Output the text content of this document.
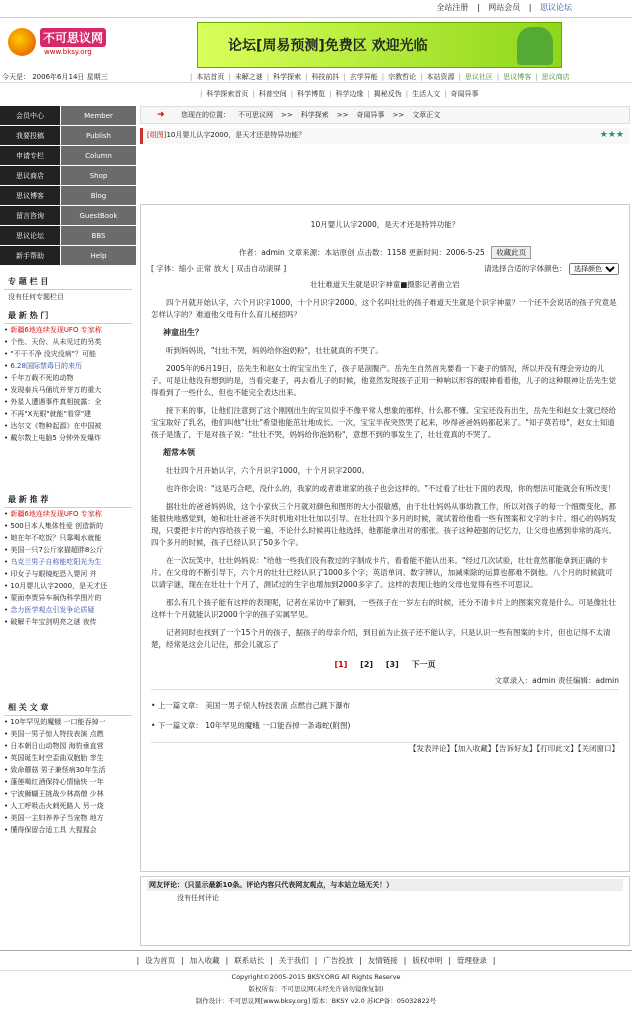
全站注册 | 网站会员 | 思议论坛
不可思议网
www.bksy.org	论坛[周易预测]免费区 欢迎光临
今天是： 2006年6月14日 星期三	| 本站首页 | 未解之谜 | 科学探索 | 科技前抖 | 玄学异能 | 宗教哲论 | 本站资源 | 思议社区 | 思议博客 | 思议商店
| 科学探索首页 | 科普空间 | 科学博览 | 科学边缘 | 揭秘反伪 | 生活人文 | 奇闻异事
会员中心	Member
我要投稿	Publish
申请专栏	Column
思议商店	Shop
思议博客	Blog
留言咨询	GuestBook
思议论坛	BBS
新手帮助	Help
专 题 栏 目
没有任何专题栏目
最 新 热 门
• 新疆6地连续发现UFO 专家称
• 个性、天份、从未见过的另类
• "不干不净 没灾没病"？可能
• 6.28国际禁毒日的来历
• 千年万载不死的动物
• 发现泰兵马俑坑并芽万的重大
• 外星人遭遇事件真相披露：全
• 不再"X光眼"就能"看穿"建
• 达尔文《物种起源》在中国被
• 戴尔数上电脑5 分钟外发爆炸
最 新 推 荐
• 新疆6地连续发现UFO 专家称
• 500日本人集体性爱 创造新的
• 她在年不吃饭？只靠喝水就能
• 美国一只7公斤家猫超胖8公斤
• 乌克兰男子自称能吃阳光为生
• 印女子与眼镜蛇恐入婴河 并
• 10月婴儿认字2000，是天才还
• 蒙面李贾异车祸伪科学图片的
• 念力医学观点引发争论质疑
• 破解千年宝剑明亮之谜 夜传
相 关 文 章
• 10年罕见的魔蛾 一口能吞掉一
• 美国一男子惊人特技表演 点燃
• 日本朝日山动物园 海豹垂直营
• 英国诞生时空歪曲双胞胎 孪生
• 致命蘑菇 男子兼怪病30年生活
• 蓬莲喝红酒保持心情愉快 一年
• 宁波狮蝴王挑战少林高僧 少林
• 人工呼吸击火刺死路人 另一烧
• 美国一主妇养养子当宠物 地方
• 懂得保留合适工具 大猩猩会
➜ 您现在的位置： 不可思议网 >> 科学探索 >> 奇闻异事 >> 文章正文
[组图]10月婴儿认字2000，是天才还是特异功能？	★★★
10月婴儿认字2000，是天才还是特异功能？
作者：admin 文章来源：本站原创 点击数：1158 更新时间：2006-5-25 收藏此页
[ 字体：缩小 正常 放大 | 双击自动滚屏 ]	请选择合适的字体颜色：
选择颜色
壮壮难道天生就是识字神童■摄影记者曲立岩

四个月就开始认字，六个月识字1000，十个月识字2000。这个名叫壮壮的孩子难道天生就是个识字神童？一个还不会说话的孩子究竟是怎样认字的？难道他父母有什么育儿秘招吗？

神童出生？

听到妈妈说，"壮壮不哭，妈妈给你泡奶粉"，壮壮就真的不哭了。

2005年的6月19日，岳先生和赵女士的宝宝出生了，孩子是剖腹产。岳先生自然首先要看一下妻子的情况，所以并没有理会旁边的儿子。可是让他没有想到的是，当看完妻子，再去看儿子的时候，他竟然发现孩子正用一种响以形容的眼神看着他，儿子的这种眼神让岳先生觉得看到了一些什么，但也不能完全表达出来。

接下来的事，让他们注意到了这个刚刚出生的宝贝似乎不像平常人想象的那样，什么都不懂。宝宝还没有出生，岳先生和赵女士就已经给宝宝取好了乳名，他们叫他"壮壮"希望他能茁壮地成长。一次，宝宝半夜突然哭了起来，吵得爸爸妈妈都起来了。"知子莫若母"，赵女士知道孩子是饿了，于是对孩子说："壮壮不哭，妈妈给你泡奶粉"，意想不到的事发生了，壮壮竟真的不哭了。

超常本领

壮壮四个月开始认字，六个月识字1000，十个月识字2000。

也许你会说："这是巧合吧，没什么的，我家的或者谁谁家的孩子也会这样的。"不过看了壮壮下面的表现，你的想法可能就会有所改变！

据壮壮的爸爸妈妈说，这个小家伙三个月就对颜色和图形的大小很敏感，由于壮壮妈妈从事幼教工作，所以对孩子的每一个细微变化，都能很快地感觉到，她和壮壮爸爸不失时机地对壮壮加以引导。在壮壮四个多月的时候，就试着给他看一些有图案和文字的卡片。细心的妈妈发现，只要把卡片的内容给孩子说一遍，不论什么时候再让他选择，他都能拿出对的那张。孩子这种超强的记忆力，让父母也感到非常的高兴。四个多月的时候，孩子已经认识了50多个字。

在一次玩笑中，壮壮妈妈说："给他一些我们没有教过的字制成卡片，看看能不能认出来。"经过几次试验，壮壮竟然都能拿到正确的卡片。在父母的不断引导下，六个月的壮壮已经认识了1000多个字；英语单词、数字辨认，加减乘除的运算也都难不倒他。八个月的时候就可以请字谜，现在在壮壮十个月了，测试过的生字也增加到2000多字了。这样的表现让他的父母也觉得有些不可思议。

那么有几个孩子能有这样的表现呢，记者在采访中了解到，一些孩子在一岁左右的时候，还分不清卡片上的图案究竟是什么。可是像壮壮这样十个月就能认识2000个字的孩子实属罕见。

记者同时也找到了一个15个月的孩子，据孩子的母亲介绍，到目前为止孩子还不能认字，只是认识一些有图案的卡片，但也记得不太清楚，经常是这会儿记住，那会儿就忘了

[1] [2] [3] 下一页
文章录入：admin 责任编辑：admin
• 上一篇文章： 美国一男子惊人特技表演 点燃自己跳下瀑布
• 下一篇文章： 10年罕见的魔蛾 一口能吞掉一条毒蛇(附图)
【发表评论】【加入收藏】【告诉好友】【打印此文】【关闭窗口】
网友评论：（只显示最新10条。评论内容只代表网友观点，与本站立场无关！）
没有任何评论
| 设为首页 | 加入收藏 | 联系站长 | 关于我们 | 广告投放 | 友情链接 | 版权申明 | 管理登录 |
Copyright©2005-2015 BKSY.ORG All Rights Reserve
版权所有：不可思议网(未经允许请勿镜像复制)
制作设计：不可思议网[www.bksy.org] 版本：BKSY v2.0 苏ICP备：05032822号
